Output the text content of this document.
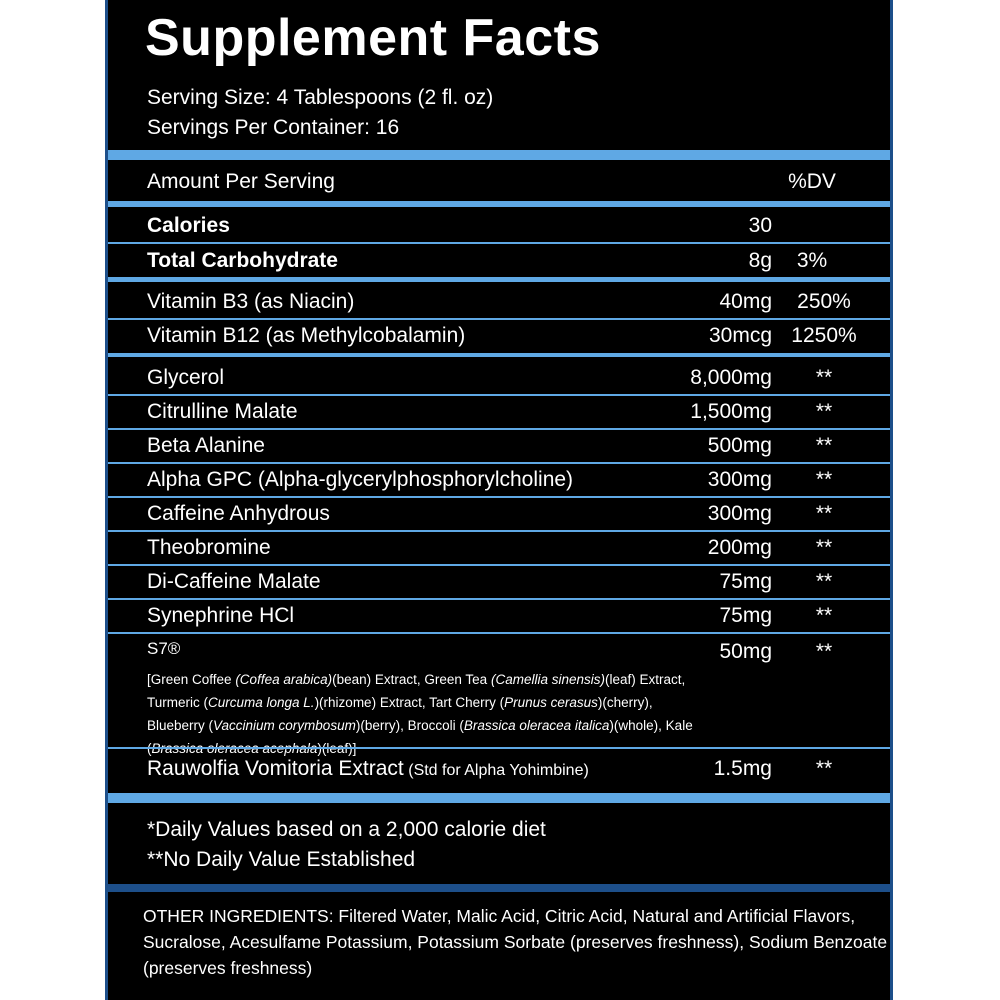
Supplement Facts
Serving Size: 4 Tablespoons (2 fl. oz)
Servings Per Container: 16
Amount Per Serving	%DV
Calories	30
Total Carbohydrate	8g	3%
Vitamin B3 (as Niacin)	40mg	250%
Vitamin B12 (as Methylcobalamin)	30mcg 1250%
Glycerol	8,000mg	**
Citrulline Malate	1,500mg	**
Beta Alanine	500mg	**
Alpha GPC (Alpha-glycerylphosphorylcholine)	300mg	**
Caffeine Anhydrous	300mg	**
Theobromine	200mg	**
Di-Caffeine Malate	75mg	**
Synephrine HCl	75mg	**
S7®	50mg	**
[Green Coffee (Coffea arabica)(bean) Extract, Green Tea (Camellia sinensis)(leaf) Extract, Turmeric (Curcuma longa L.)(rhizome) Extract, Tart Cherry (Prunus cerasus)(cherry), Blueberry (Vaccinium corymbosum)(berry), Broccoli (Brassica oleracea italica)(whole), Kale
Rauwolfia Vomitoria Extract (Std for Alpha Yohimbine)	1.5mg	**
*Daily Values based on a 2,000 calorie diet
**No Daily Value Established
OTHER INGREDIENTS: Filtered Water, Malic Acid, Citric Acid, Natural and Artificial Flavors, Sucralose, Acesulfame Potassium, Potassium Sorbate (preserves freshness), Sodium Benzoate (preserves freshness)
